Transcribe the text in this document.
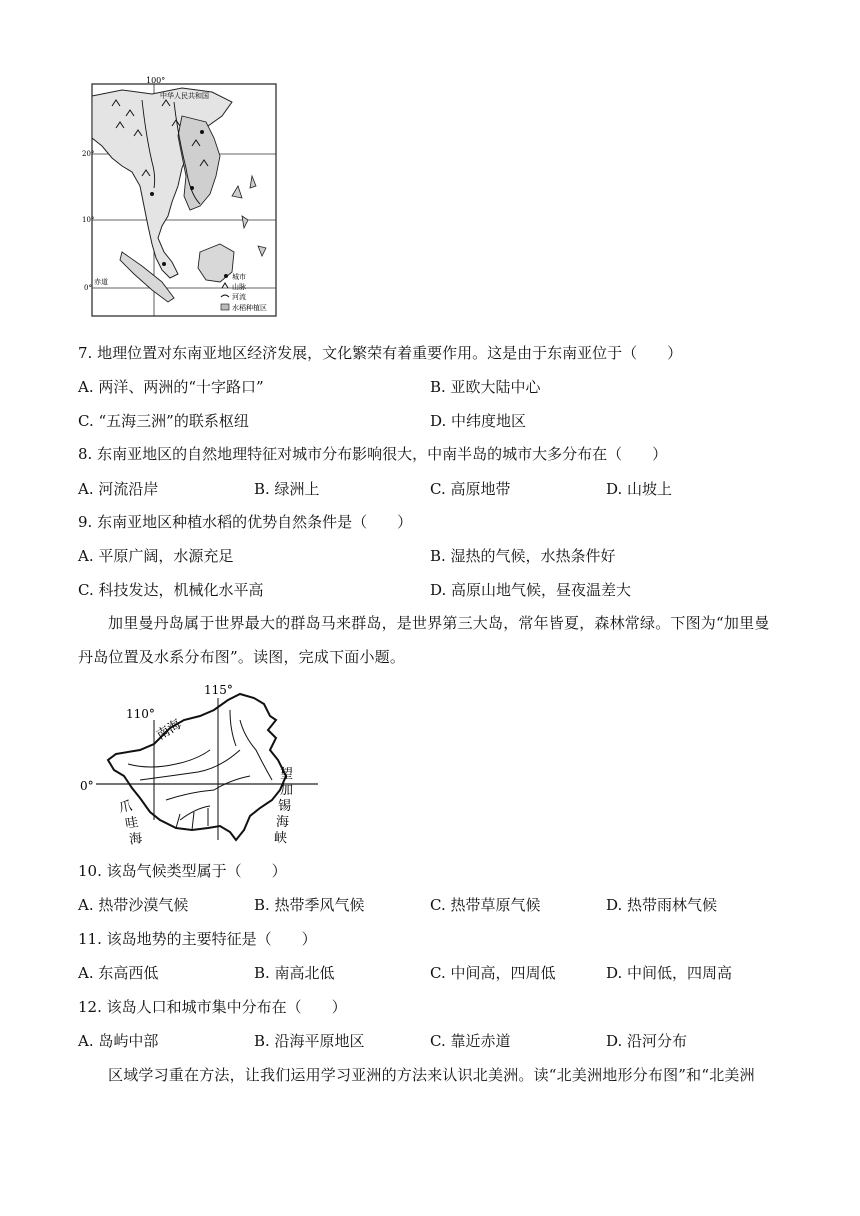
100°
20°
10°
0°
中华人民共和国
赤道
城市
山脉
河流
水稻种植区
7. 地理位置对东南亚地区经济发展，文化繁荣有着重要作用。这是由于东南亚位于（　　）
A. 两洋、两洲的“十字路口”	B. 亚欧大陆中心
C. “五海三洲”的联系枢纽	D. 中纬度地区
8. 东南亚地区的自然地理特征对城市分布影响很大，中南半岛的城市大多分布在（　　）
A. 河流沿岸	B. 绿洲上	C. 高原地带	D. 山坡上
9. 东南亚地区种植水稻的优势自然条件是（　　）
A. 平原广阔，水源充足	B. 湿热的气候，水热条件好
C. 科技发达，机械化水平高	D. 高原山地气候，昼夜温差大
加里曼丹岛属于世界最大的群岛马来群岛，是世界第三大岛，常年皆夏，森林常绿。下图为“加里曼丹岛位置及水系分布图”。读图，完成下面小题。
110°
115°
0°
南海
爪
哇
海
望
加
锡
海
峡
10. 该岛气候类型属于（　　）
A. 热带沙漠气候	B. 热带季风气候	C. 热带草原气候	D. 热带雨林气候
11. 该岛地势的主要特征是（　　）
A. 东高西低	B. 南高北低	C. 中间高，四周低	D. 中间低，四周高
12. 该岛人口和城市集中分布在（　　）
A. 岛屿中部	B. 沿海平原地区	C. 靠近赤道	D. 沿河分布
区域学习重在方法，让我们运用学习亚洲的方法来认识北美洲。读“北美洲地形分布图”和“北美洲
